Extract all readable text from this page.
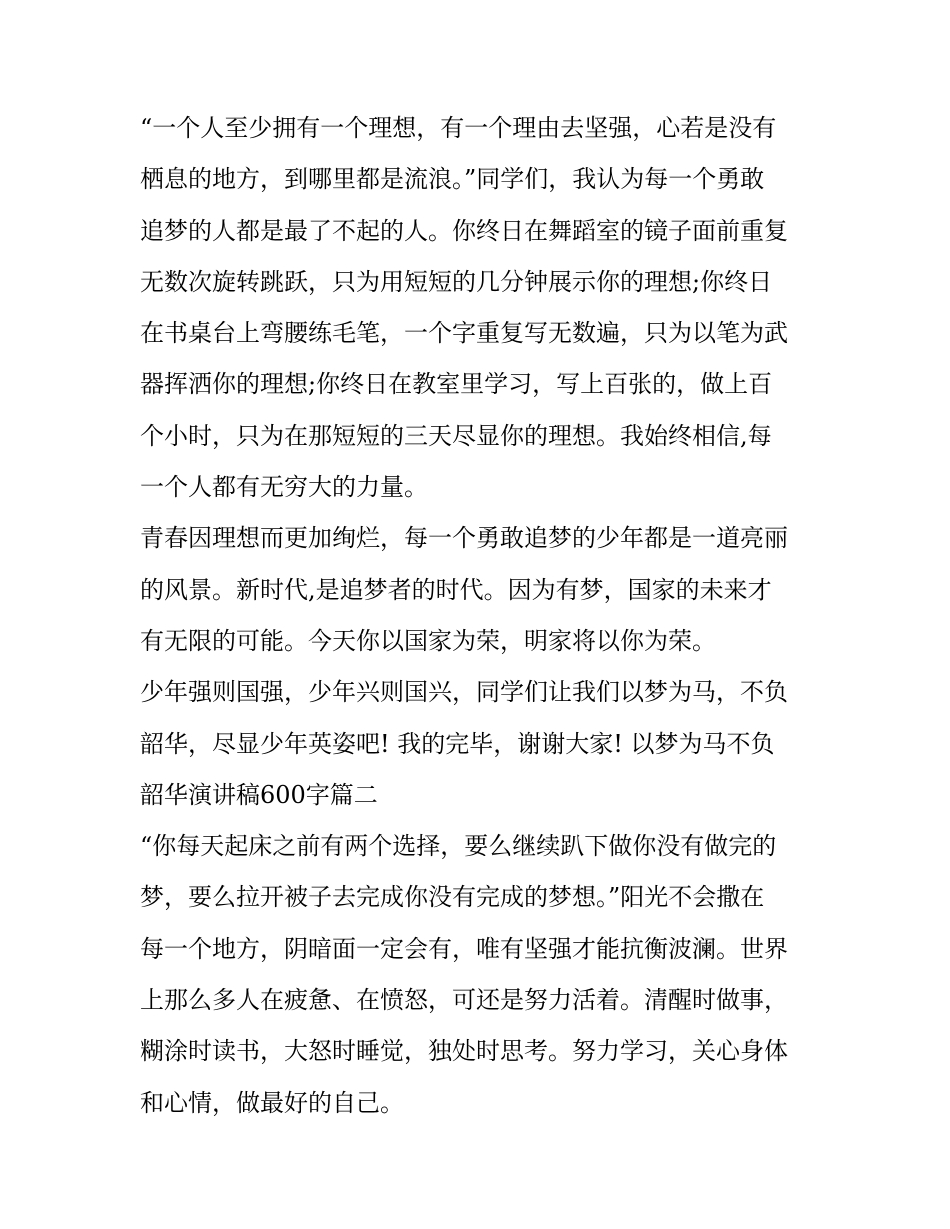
“一个人至少拥有一个理想，有一个理由去坚强，心若是没有
栖息的地方，到哪里都是流浪。”同学们，我认为每一个勇敢
追梦的人都是最了不起的人。你终日在舞蹈室的镜子面前重复
无数次旋转跳跃，只为用短短的几分钟展示你的理想;你终日
在书桌台上弯腰练毛笔，一个字重复写无数遍，只为以笔为武
器挥洒你的理想;你终日在教室里学习，写上百张的，做上百
个小时，只为在那短短的三天尽显你的理想。我始终相信,每
一个人都有无穷大的力量。
青春因理想而更加绚烂，每一个勇敢追梦的少年都是一道亮丽
的风景。新时代,是追梦者的时代。因为有梦，国家的未来才
有无限的可能。今天你以国家为荣，明家将以你为荣。
少年强则国强，少年兴则国兴，同学们让我们以梦为马，不负
韶华，尽显少年英姿吧! 我的完毕，谢谢大家! 以梦为马不负
韶华演讲稿600字篇二
“你每天起床之前有两个选择，要么继续趴下做你没有做完的
梦，要么拉开被子去完成你没有完成的梦想。”阳光不会撒在
每一个地方，阴暗面一定会有，唯有坚强才能抗衡波澜。世界
上那么多人在疲惫、在愤怒，可还是努力活着。清醒时做事，
糊涂时读书，大怒时睡觉，独处时思考。努力学习，关心身体
和心情，做最好的自己。
